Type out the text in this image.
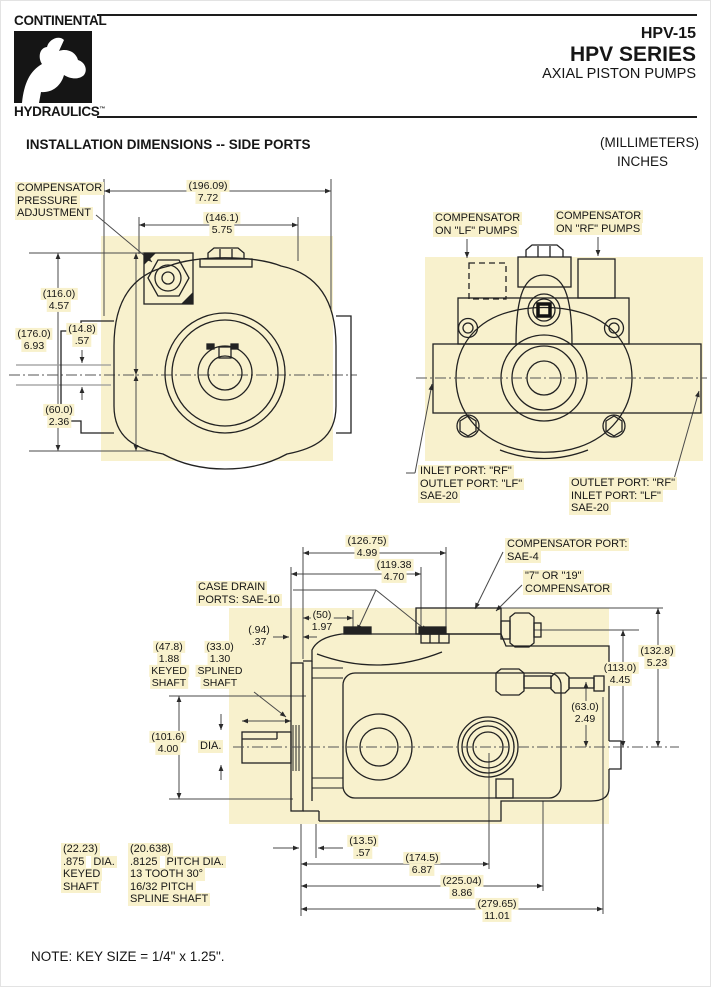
CONTINENTAL
HYDRAULICS™
HPV-15
HPV SERIES
AXIAL PISTON PUMPS
INSTALLATION DIMENSIONS -- SIDE PORTS	(MILLIMETERS)
INCHES
COMPENSATOR
PRESSURE
ADJUSTMENT
(196.09)
7.72
(146.1)
5.75
(116.0)
4.57
(176.0)
6.93
(14.8)
.57
(60.0)
2.36
COMPENSATOR
ON "LF" PUMPS
COMPENSATOR
ON "RF" PUMPS
INLET PORT: "RF"
OUTLET PORT: "LF"
SAE-20
OUTLET PORT: "RF"
INLET PORT: "LF"
SAE-20
CASE DRAIN
PORTS: SAE-10
COMPENSATOR PORT:
SAE-4
"7" OR "19"
COMPENSATOR
(126.75)
4.99
(119.38
4.70
(50)
1.97
(.94)
.37
(47.8)
1.88
KEYED
SHAFT
(33.0)
1.30
SPLINED
SHAFT
(101.6)
4.00 DIA.
(22.23)
.875 DIA.
KEYED
SHAFT
(20.638)
.8125 PITCH DIA.
13 TOOTH 30°
16/32 PITCH
SPLINE SHAFT
(13.5)
.57	(174.5)
6.87
(225.04)
8.86
(279.65)
11.01
(132.8)
5.23
(113.0)
4.45
(63.0)
2.49
NOTE: KEY SIZE = 1/4" x 1.25".
